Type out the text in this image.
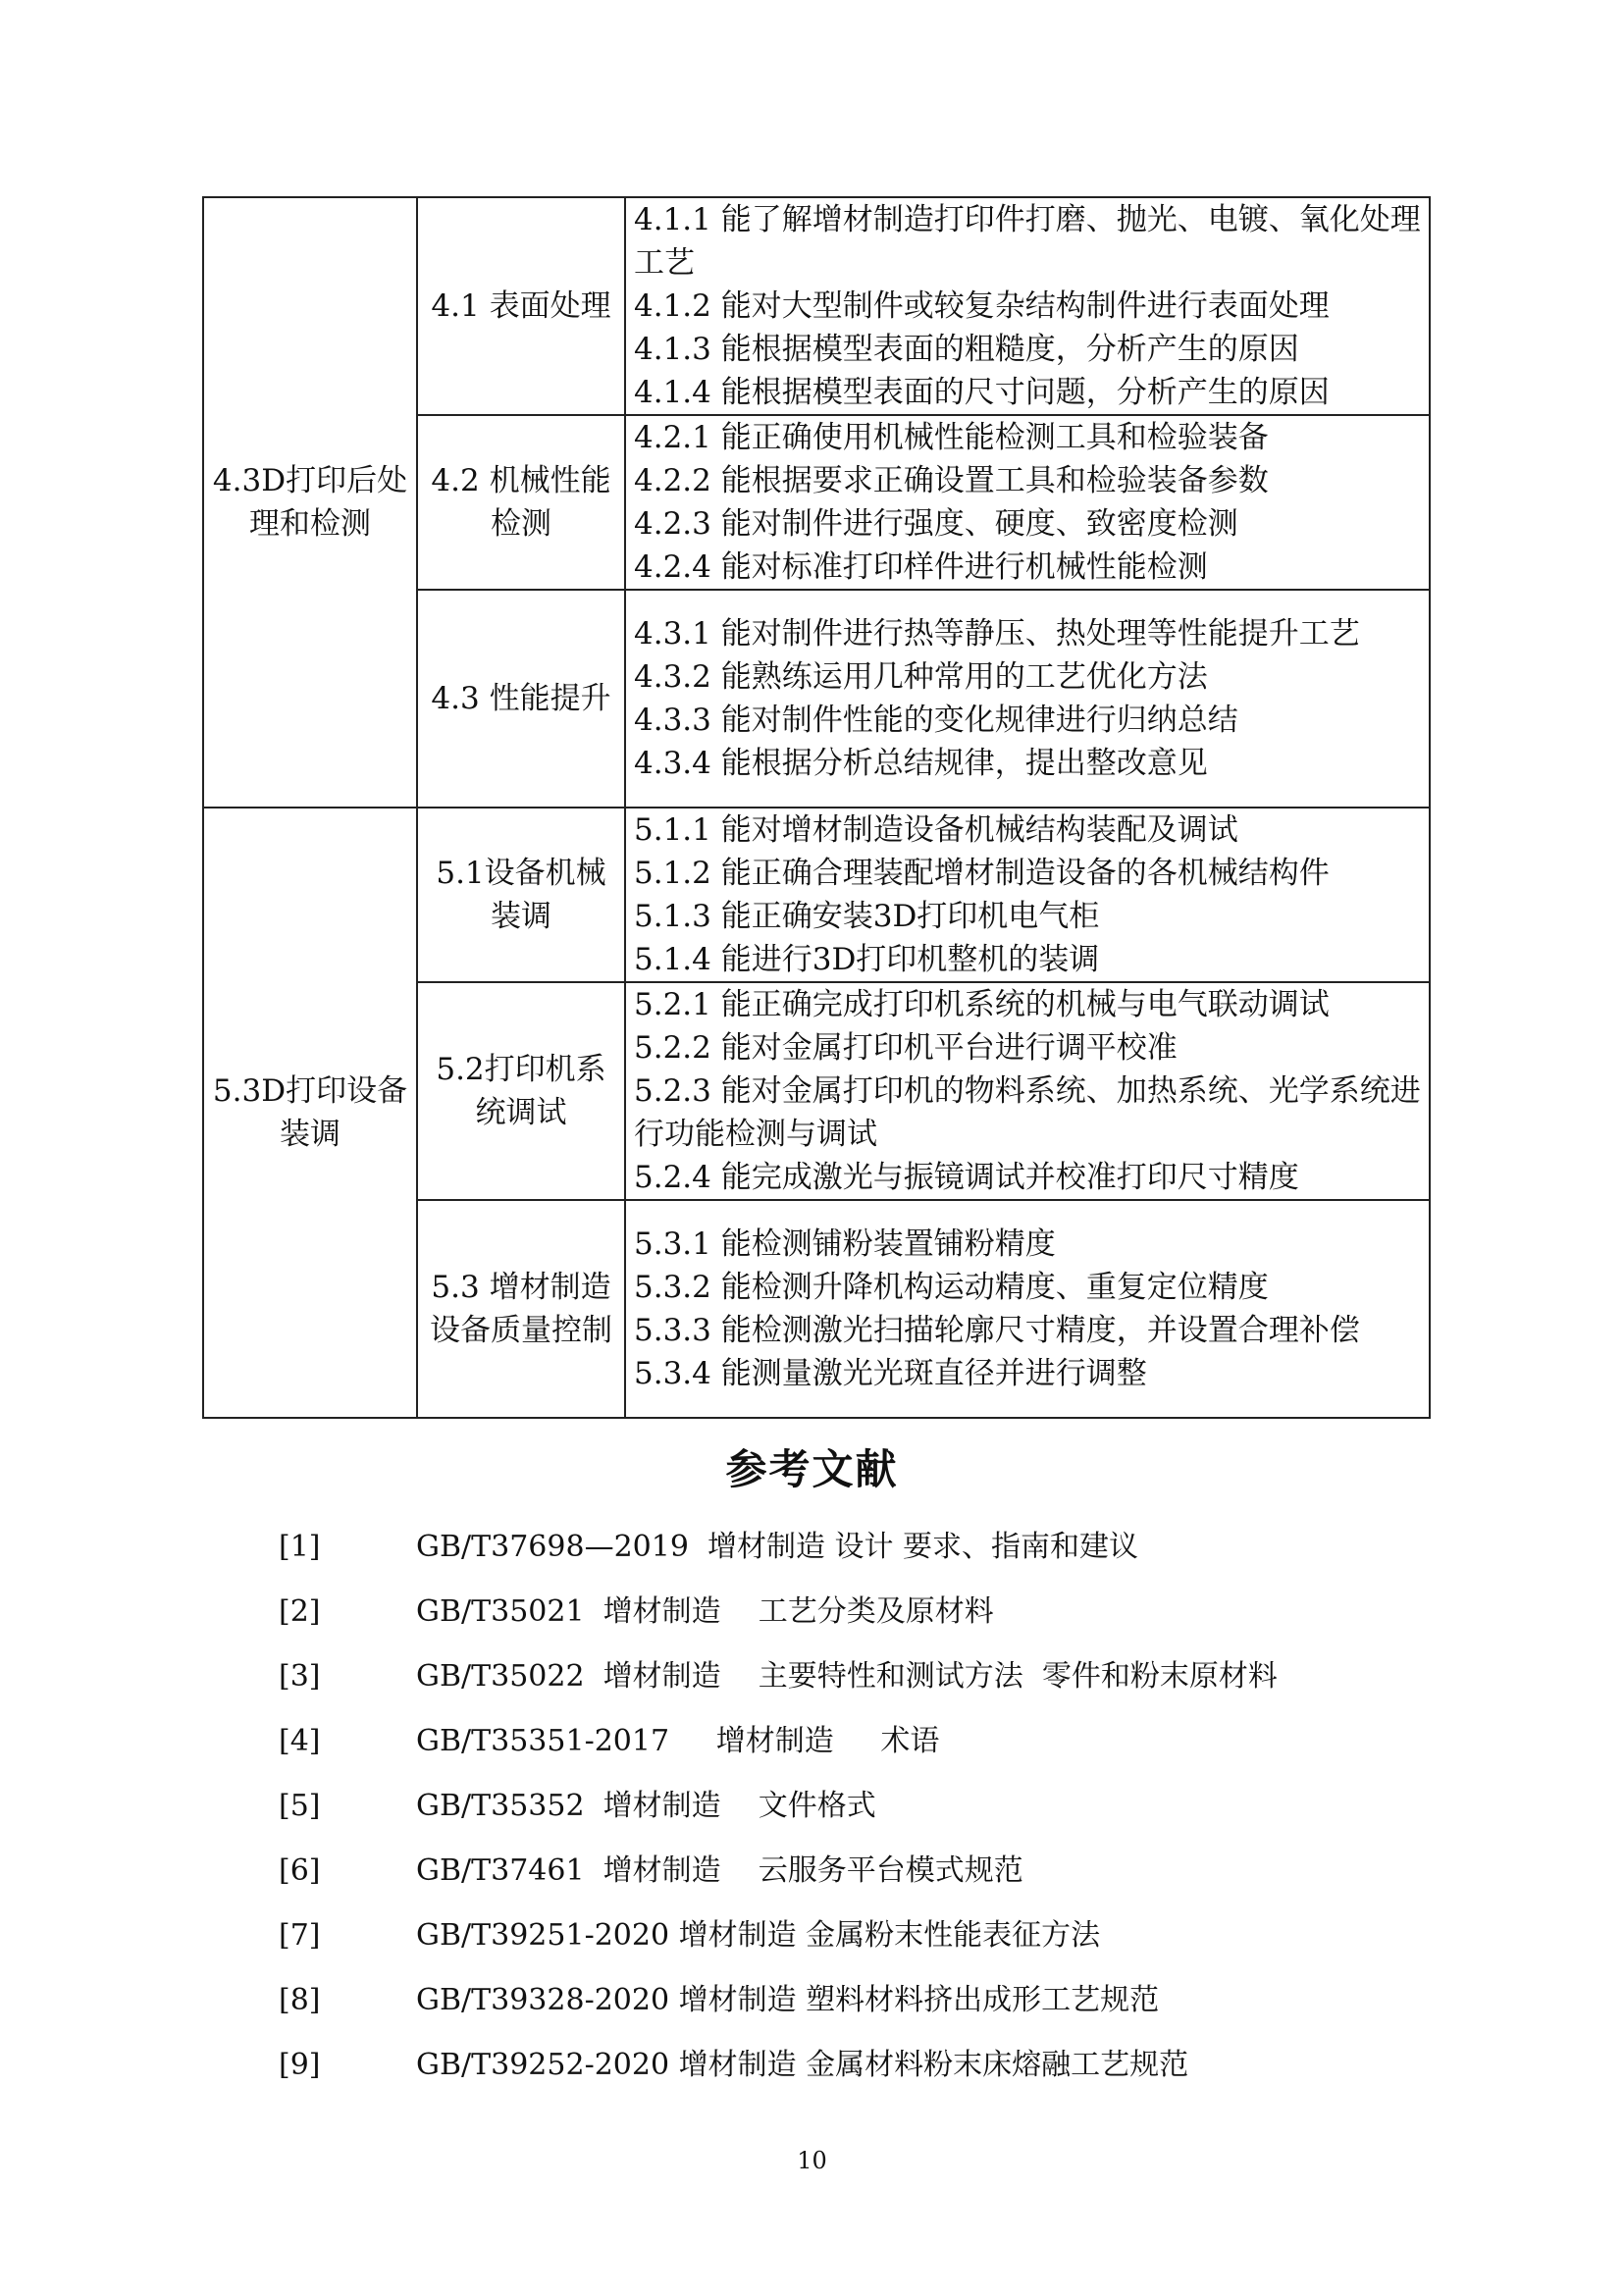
4.3D打印后处理和检测	4.1 表面处理	4.1.1 能了解增材制造打印件打磨、抛光、电镀、氧化处理工艺
4.1.2 能对大型制件或较复杂结构制件进行表面处理
4.1.3 能根据模型表面的粗糙度，分析产生的原因
4.1.4 能根据模型表面的尺寸问题，分析产生的原因

	4.2 机械性能检测	4.2.1 能正确使用机械性能检测工具和检验装备
4.2.2 能根据要求正确设置工具和检验装备参数
4.2.3 能对制件进行强度、硬度、致密度检测
4.2.4 能对标准打印样件进行机械性能检测

	4.3 性能提升	4.3.1 能对制件进行热等静压、热处理等性能提升工艺
4.3.2 能熟练运用几种常用的工艺优化方法
4.3.3 能对制件性能的变化规律进行归纳总结
4.3.4 能根据分析总结规律，提出整改意见

5.3D打印设备装调	5.1设备机械装调	5.1.1 能对增材制造设备机械结构装配及调试
5.1.2 能正确合理装配增材制造设备的各机械结构件
5.1.3 能正确安装3D打印机电气柜
5.1.4 能进行3D打印机整机的装调

	5.2打印机系统调试	5.2.1 能正确完成打印机系统的机械与电气联动调试
5.2.2 能对金属打印机平台进行调平校准
5.2.3 能对金属打印机的物料系统、加热系统、光学系统进行功能检测与调试
5.2.4 能完成激光与振镜调试并校准打印尺寸精度

	5.3 增材制造设备质量控制	5.3.1 能检测铺粉装置铺粉精度
5.3.2 能检测升降机构运动精度、重复定位精度
5.3.3 能检测激光扫描轮廓尺寸精度，并设置合理补偿
5.3.4 能测量激光光斑直径并进行调整
参考文献
[1]	GB/T37698—2019  增材制造 设计 要求、指南和建议
[2]	GB/T35021  增材制造    工艺分类及原材料
[3]	GB/T35022  增材制造    主要特性和测试方法  零件和粉末原材料
[4]	GB/T35351-2017     增材制造     术语
[5]	GB/T35352  增材制造    文件格式
[6]	GB/T37461  增材制造    云服务平台模式规范
[7]	GB/T39251-2020 增材制造 金属粉末性能表征方法
[8]	GB/T39328-2020 增材制造 塑料材料挤出成形工艺规范
[9]	GB/T39252-2020 增材制造 金属材料粉末床熔融工艺规范
10
